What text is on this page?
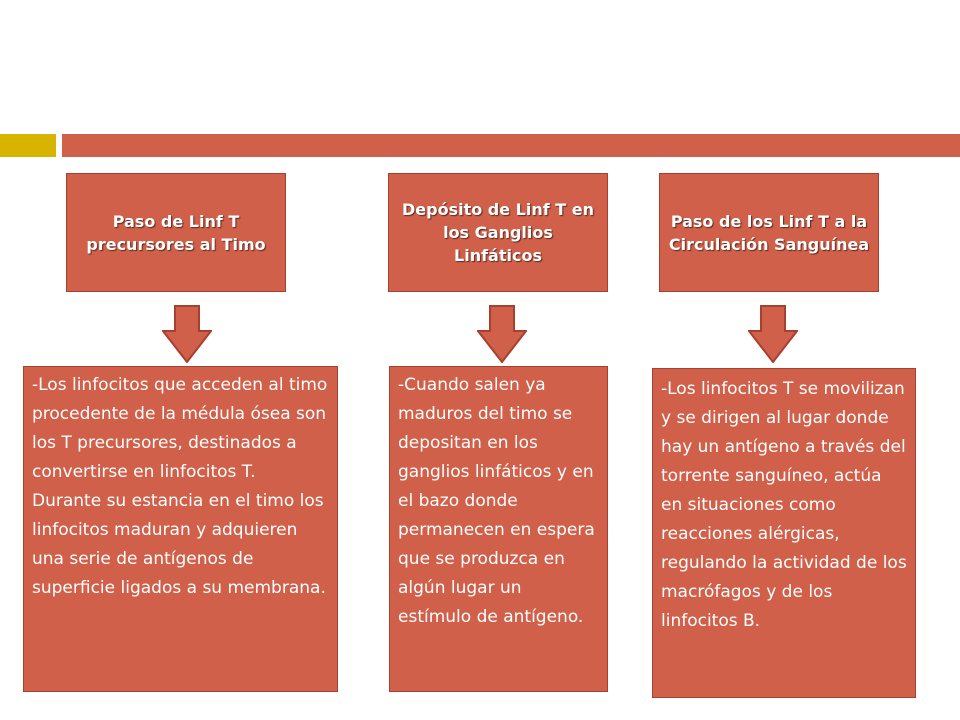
Paso de Linf T precursores al Timo
-Los linfocitos que acceden al timo procedente de la médula ósea son los T precursores, destinados a convertirse en linfocitos T. Durante su estancia en el timo los linfocitos maduran y adquieren una serie de antígenos de superficie ligados a su membrana.
Depósito de Linf T en los Ganglios Linfáticos
-Cuando salen ya maduros del timo se depositan en los ganglios linfáticos y en el bazo donde permanecen en espera que se produzca en algún lugar un estímulo de antígeno.
Paso de los Linf T a la Circulación Sanguínea
-Los linfocitos T se movilizan y se dirigen al lugar donde hay un antígeno a través del torrente sanguíneo, actúa en situaciones como reacciones alérgicas, regulando la actividad de los macrófagos y de los linfocitos B.
